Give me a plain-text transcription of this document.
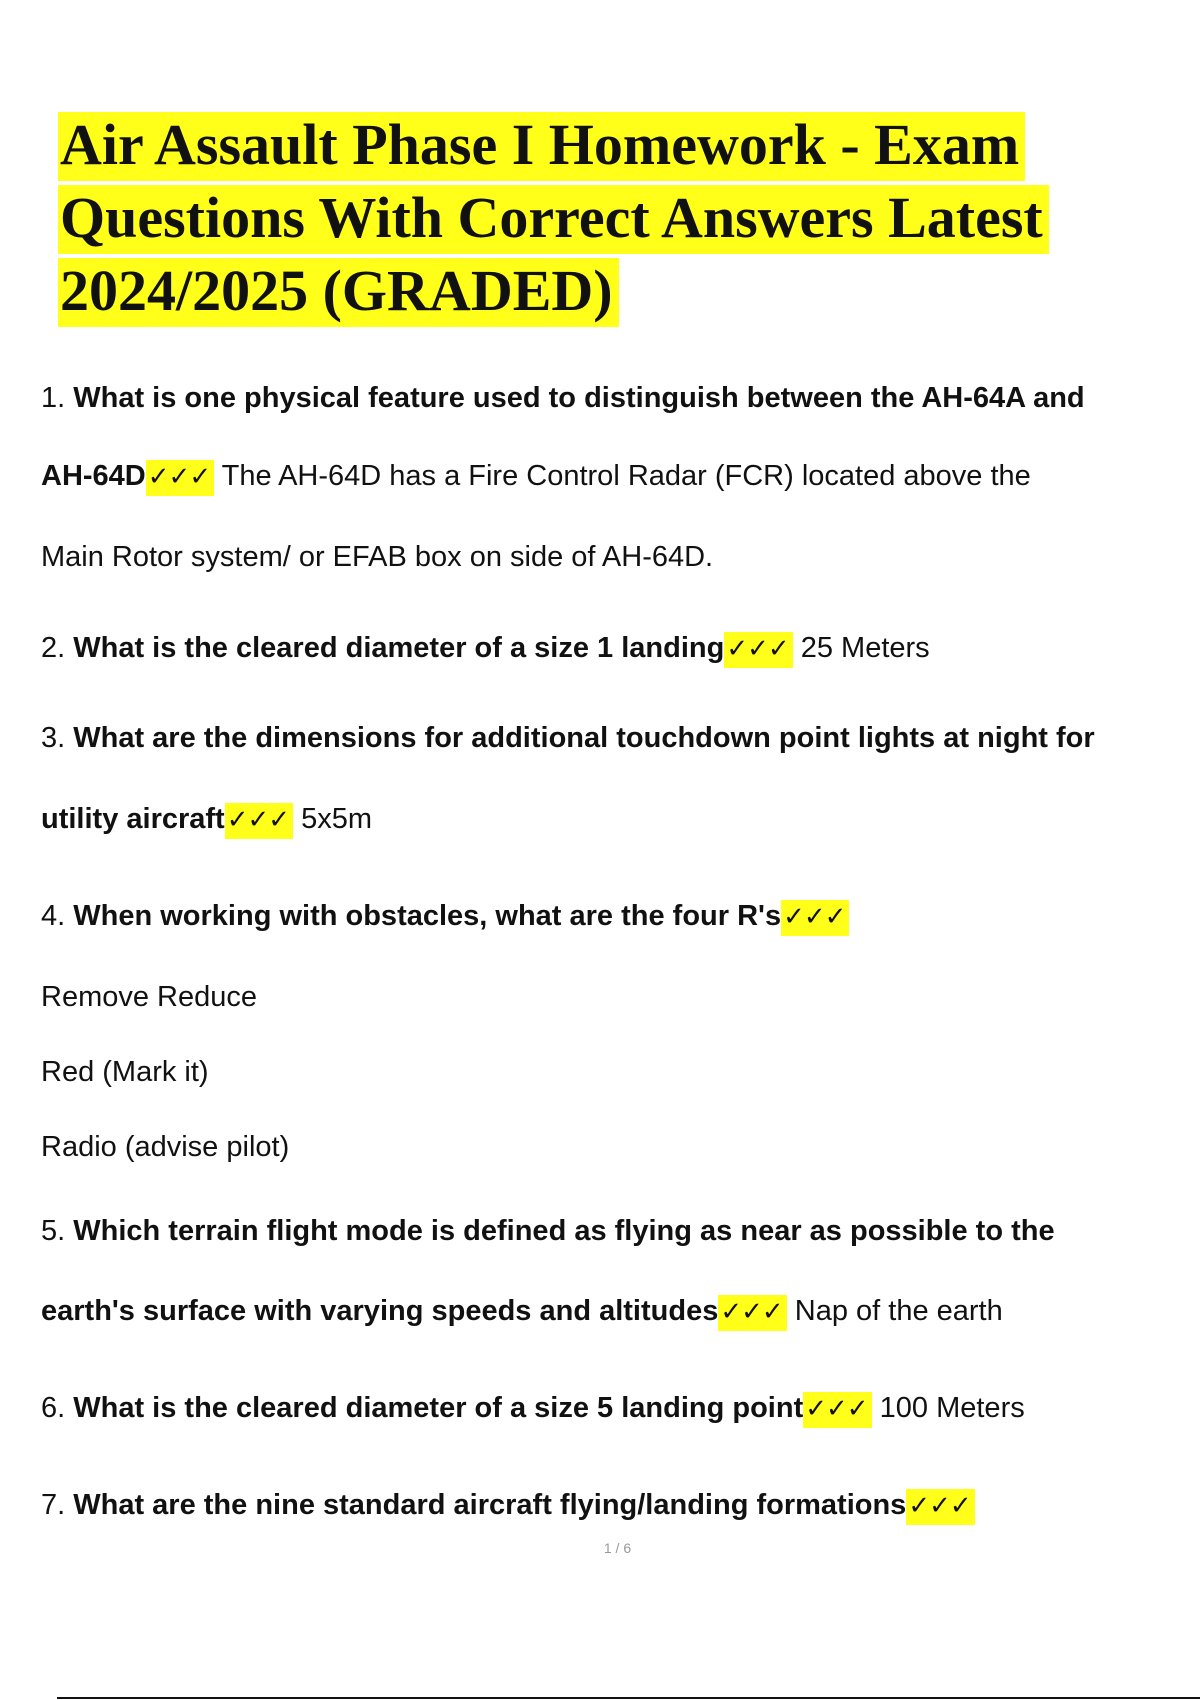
Air Assault Phase I Homework - Exam
Questions With Correct Answers Latest
2024/2025 (GRADED)
1. What is one physical feature used to distinguish between the AH-64A and
AH-64D✓✓✓ The AH-64D has a Fire Control Radar (FCR) located above the
Main Rotor system/ or EFAB box on side of AH-64D.
2. What is the cleared diameter of a size 1 landing✓✓✓ 25 Meters
3. What are the dimensions for additional touchdown point lights at night for
utility aircraft✓✓✓ 5x5m
4. When working with obstacles, what are the four R's✓✓✓
Remove Reduce
Red (Mark it)
Radio (advise pilot)
5. Which terrain flight mode is defined as flying as near as possible to the
earth's surface with varying speeds and altitudes✓✓✓ Nap of the earth
6. What is the cleared diameter of a size 5 landing point✓✓✓ 100 Meters
7. What are the nine standard aircraft flying/landing formations✓✓✓
1 / 6
